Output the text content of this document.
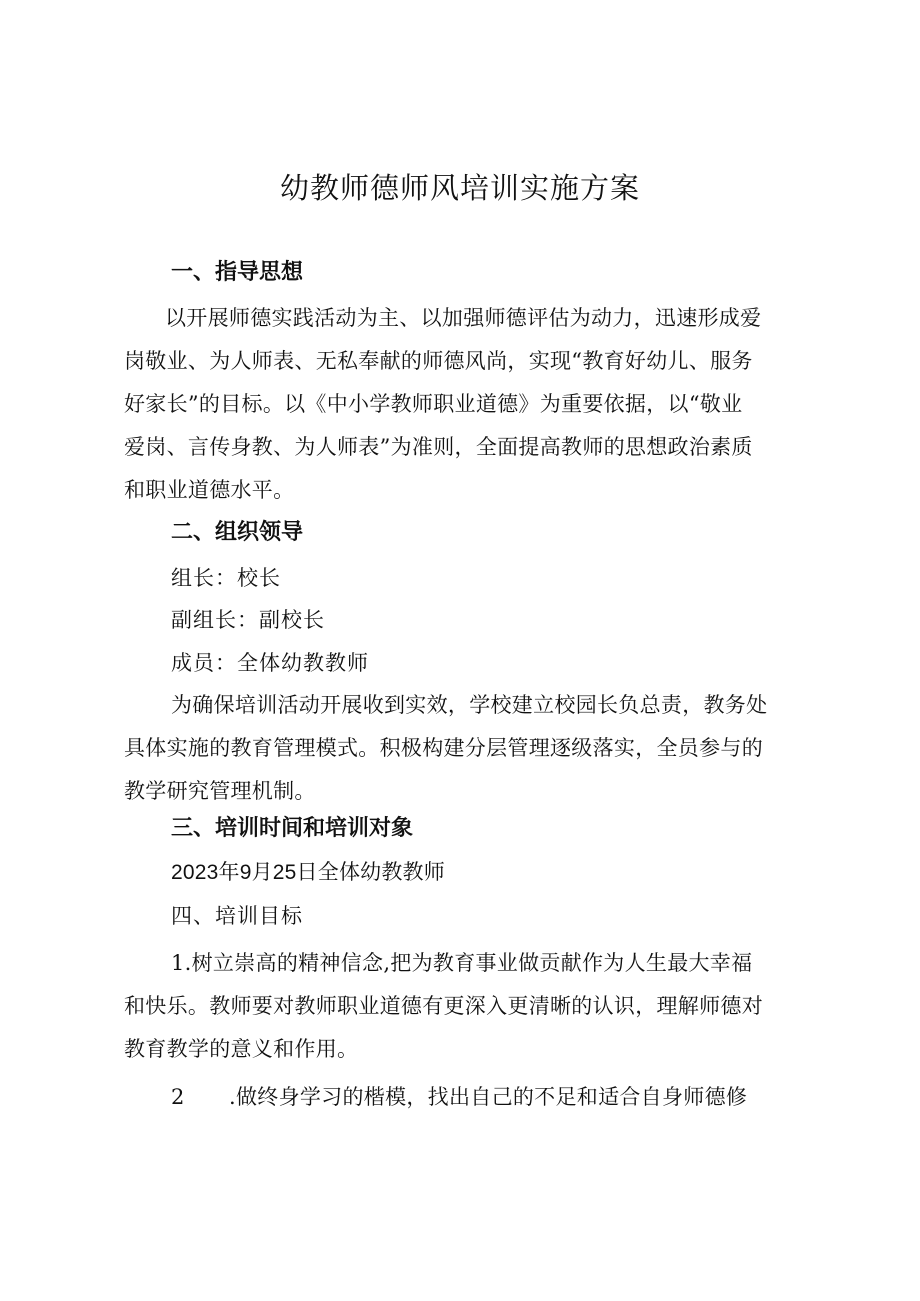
幼教师德师风培训实施方案
一、指导思想
以开展师德实践活动为主、以加强师德评估为动力，迅速形成爱
岗敬业、为人师表、无私奉献的师德风尚，实现“教育好幼儿、服务
好家长”的目标。以《中小学教师职业道德》为重要依据，以“敬业
爱岗、言传身教、为人师表”为准则，全面提高教师的思想政治素质
和职业道德水平。
二、组织领导
组长：校长
副组长：副校长
成员：全体幼教教师
为确保培训活动开展收到实效，学校建立校园长负总责，教务处
具体实施的教育管理模式。积极构建分层管理逐级落实，全员参与的
教学研究管理机制。
三、培训时间和培训对象
2023年9月25日全体幼教教师
四、培训目标
1.树立崇高的精神信念,把为教育事业做贡献作为人生最大幸福
和快乐。教师要对教师职业道德有更深入更清晰的认识，理解师德对
教育教学的意义和作用。
2 .做终身学习的楷模，找出自己的不足和适合自身师德修
